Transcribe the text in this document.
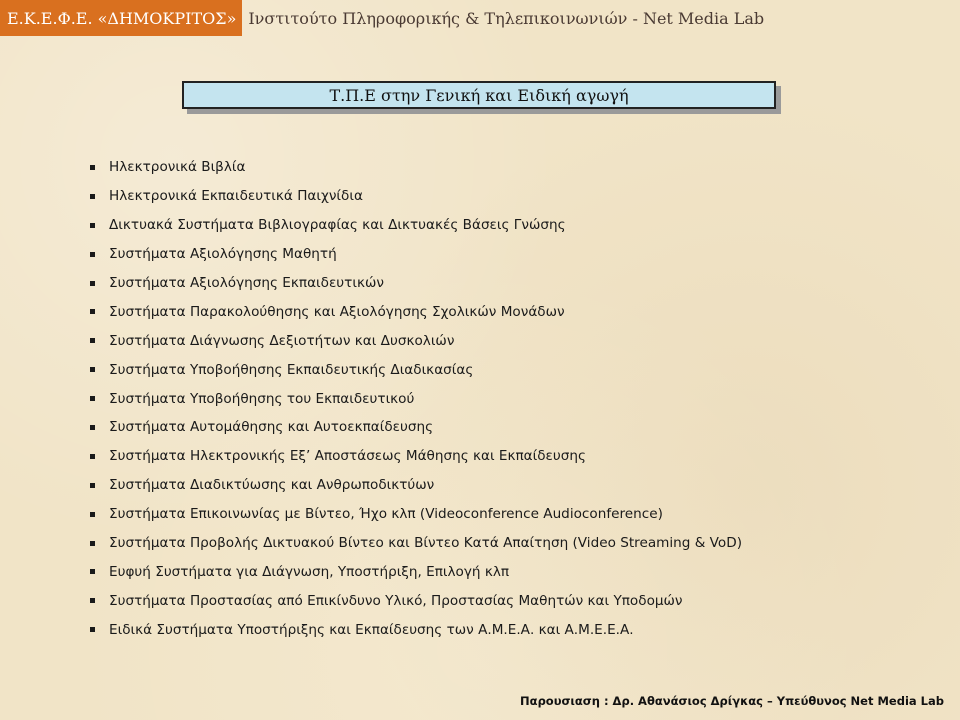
Ε.Κ.Ε.Φ.Ε. «ΔΗΜΟΚΡΙΤΟΣ» Ινστιτούτο Πληροφορικής & Τηλεπικοινωνιών - Net Media Lab
Τ.Π.Ε στην Γενική και Ειδική αγωγή
Ηλεκτρονικά Βιβλία
Ηλεκτρονικά Εκπαιδευτικά Παιχνίδια
Δικτυακά Συστήματα Βιβλιογραφίας και Δικτυακές Βάσεις Γνώσης
Συστήματα Αξιολόγησης Μαθητή
Συστήματα Αξιολόγησης Εκπαιδευτικών
Συστήματα Παρακολούθησης και Αξιολόγησης Σχολικών Μονάδων
Συστήματα Διάγνωσης Δεξιοτήτων και Δυσκολιών
Συστήματα Υποβοήθησης Εκπαιδευτικής Διαδικασίας
Συστήματα Υποβοήθησης του Εκπαιδευτικού
Συστήματα Αυτομάθησης και Αυτοεκπαίδευσης
Συστήματα Ηλεκτρονικής Εξ’ Αποστάσεως Μάθησης και Εκπαίδευσης
Συστήματα Διαδικτύωσης και Ανθρωποδικτύων
Συστήματα Επικοινωνίας με Βίντεο, Ήχο κλπ (Videoconference Audioconference)
Συστήματα Προβολής Δικτυακού Βίντεο και Βίντεο Κατά Απαίτηση (Video Streaming & VoD)
Ευφυή Συστήματα για Διάγνωση, Υποστήριξη, Επιλογή κλπ
Συστήματα Προστασίας από Επικίνδυνο Υλικό, Προστασίας Μαθητών και Υποδομών
Ειδικά Συστήματα Υποστήριξης και Εκπαίδευσης των Α.Μ.Ε.Α. και Α.Μ.Ε.Ε.Α.
Παρουσιαση : Δρ. Αθανάσιος Δρίγκας – Υπεύθυνος Net Media Lab
